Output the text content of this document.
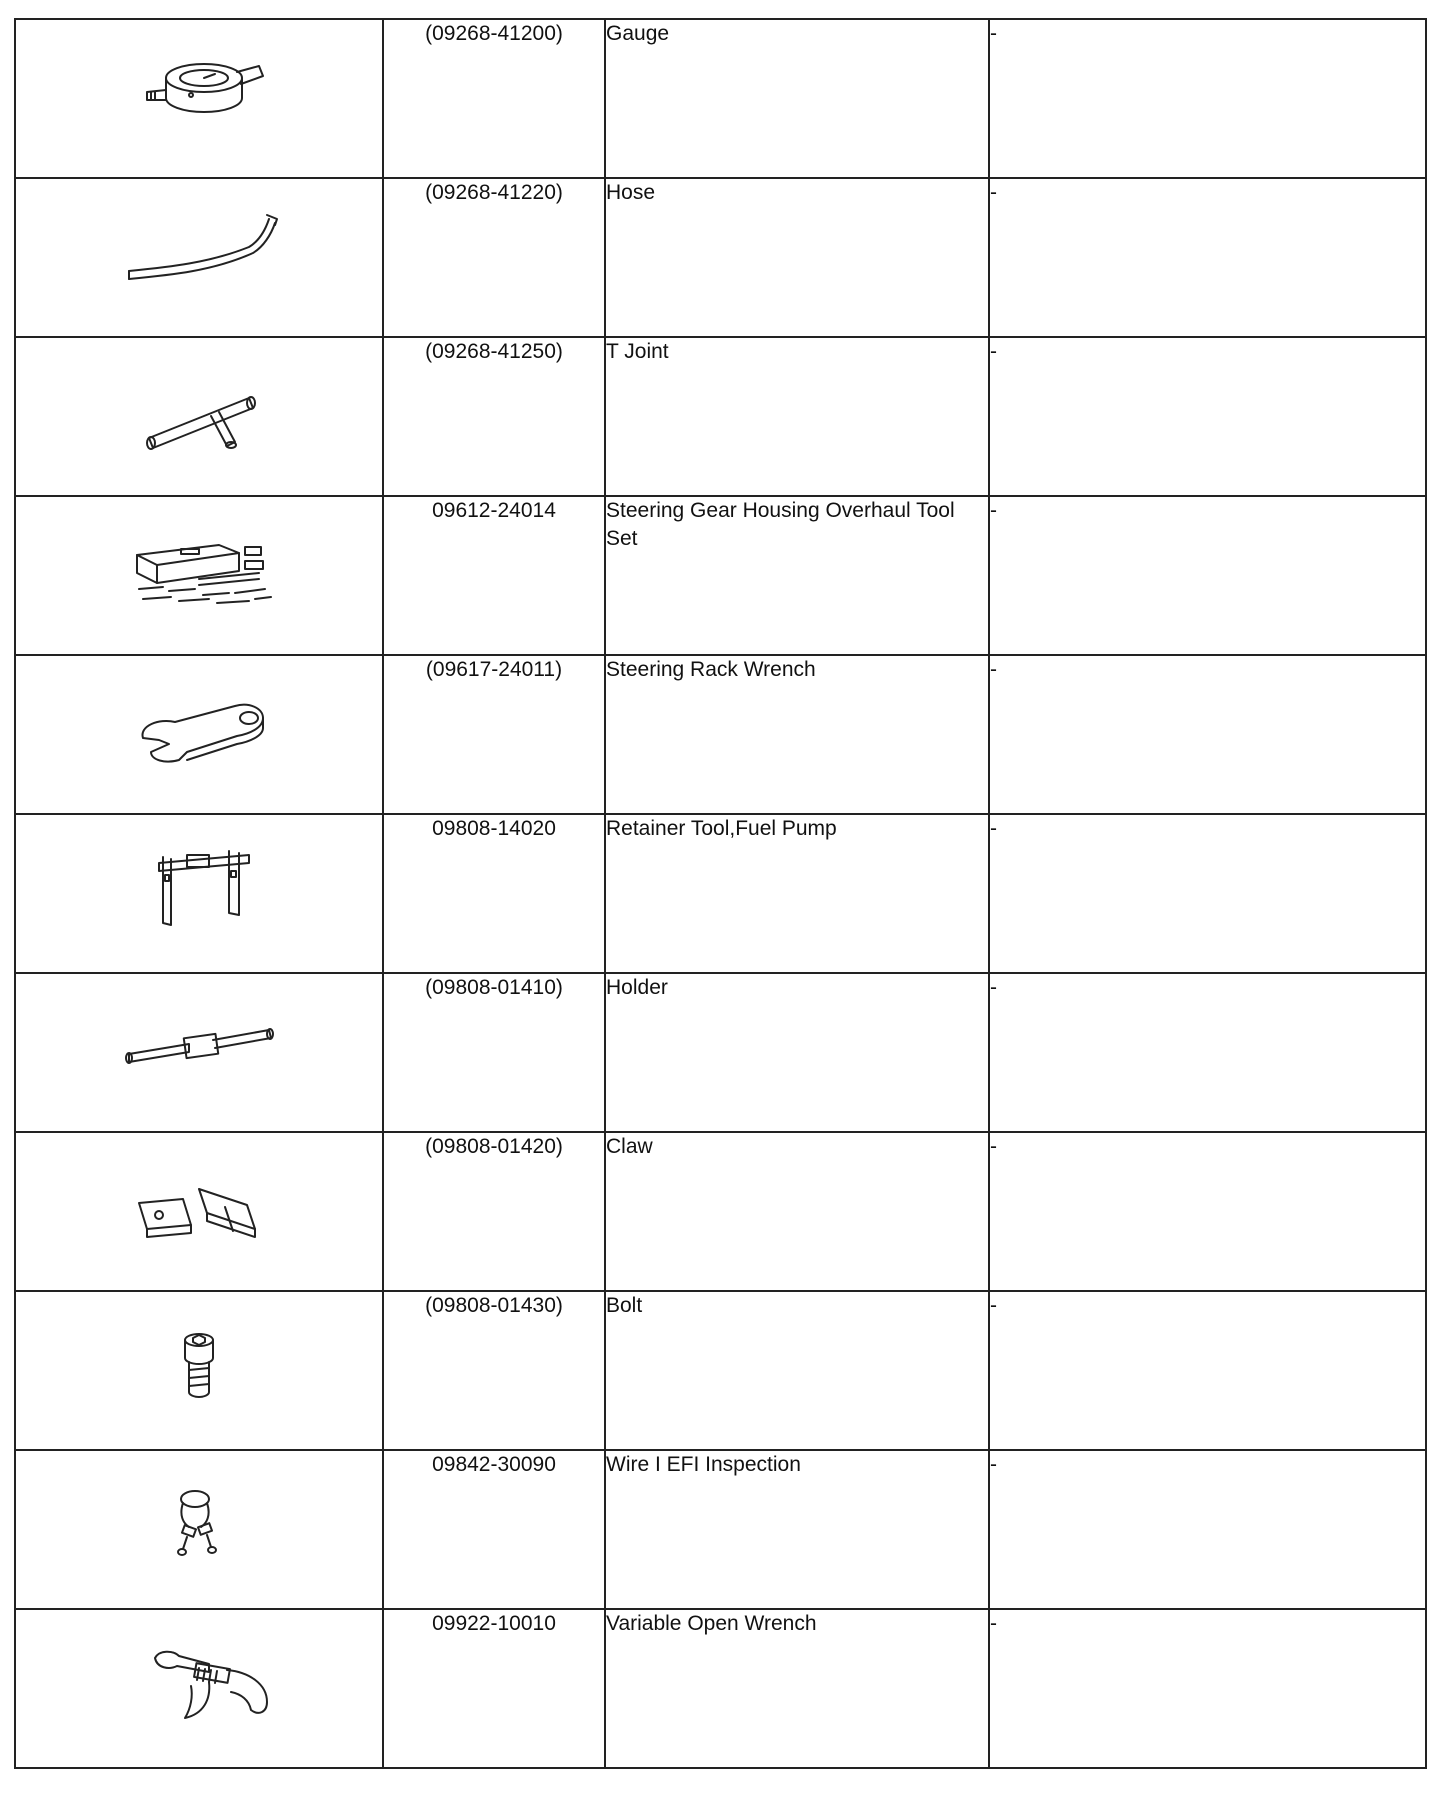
	(09268-41200)	Gauge	-
	(09268-41220)	Hose	-
	(09268-41250)	T Joint	-
	09612-24014	Steering Gear Housing Overhaul Tool Set	-
	(09617-24011)	Steering Rack Wrench	-
	09808-14020	Retainer Tool,Fuel Pump	-
	(09808-01410)	Holder	-
	(09808-01420)	Claw	-
	(09808-01430)	Bolt	-
	09842-30090	Wire I EFI Inspection	-
	09922-10010	Variable Open Wrench	-
